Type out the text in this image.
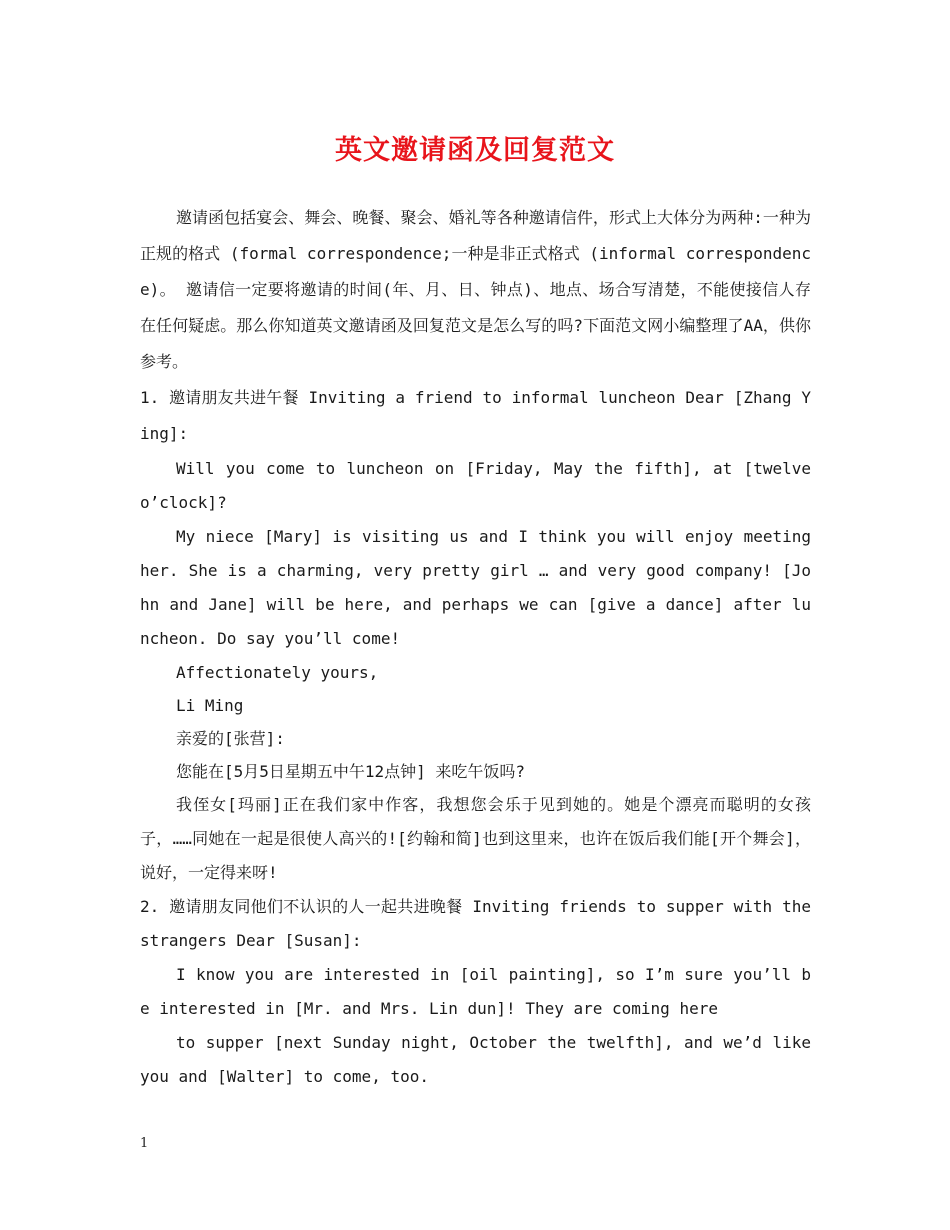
英文邀请函及回复范文

邀请函包括宴会、舞会、晚餐、聚会、婚礼等各种邀请信件，形式上大体分为两种:一种为正规的格式 (formal correspondence;一种是非正式格式 (informal correspondence)。 邀请信一定要将邀请的时间(年、月、日、钟点)、地点、场合写清楚，不能使接信人存在任何疑虑。那么你知道英文邀请函及回复范文是怎么写的吗?下面范文网小编整理了AA，供你参考。

1. 邀请朋友共进午餐 Inviting a friend to informal luncheon Dear [Zhang Ying]:

Will you come to luncheon on [Friday, May the fifth], at [twelve o’clock]?

My niece [Mary] is visiting us and I think you will enjoy meeting her. She is a charming, very pretty girl … and very good company! [John and Jane] will be here, and perhaps we can [give a dance] after luncheon. Do say you’ll come!

Affectionately yours,

Li Ming

亲爱的[张营]:

您能在[5月5日星期五中午12点钟] 来吃午饭吗?

我侄女[玛丽]正在我们家中作客，我想您会乐于见到她的。她是个漂亮而聪明的女孩子，……同她在一起是很使人高兴的![约翰和简]也到这里来，也许在饭后我们能[开个舞会]，说好，一定得来呀!

2. 邀请朋友同他们不认识的人一起共进晚餐 Inviting friends to supper with the strangers Dear [Susan]:

I know you are interested in [oil painting], so I’m sure you’ll be interested in [Mr. and Mrs. Lin dun]! They are coming here

to supper [next Sunday night, October the twelfth], and we’d like you and [Walter] to come, too.

1
